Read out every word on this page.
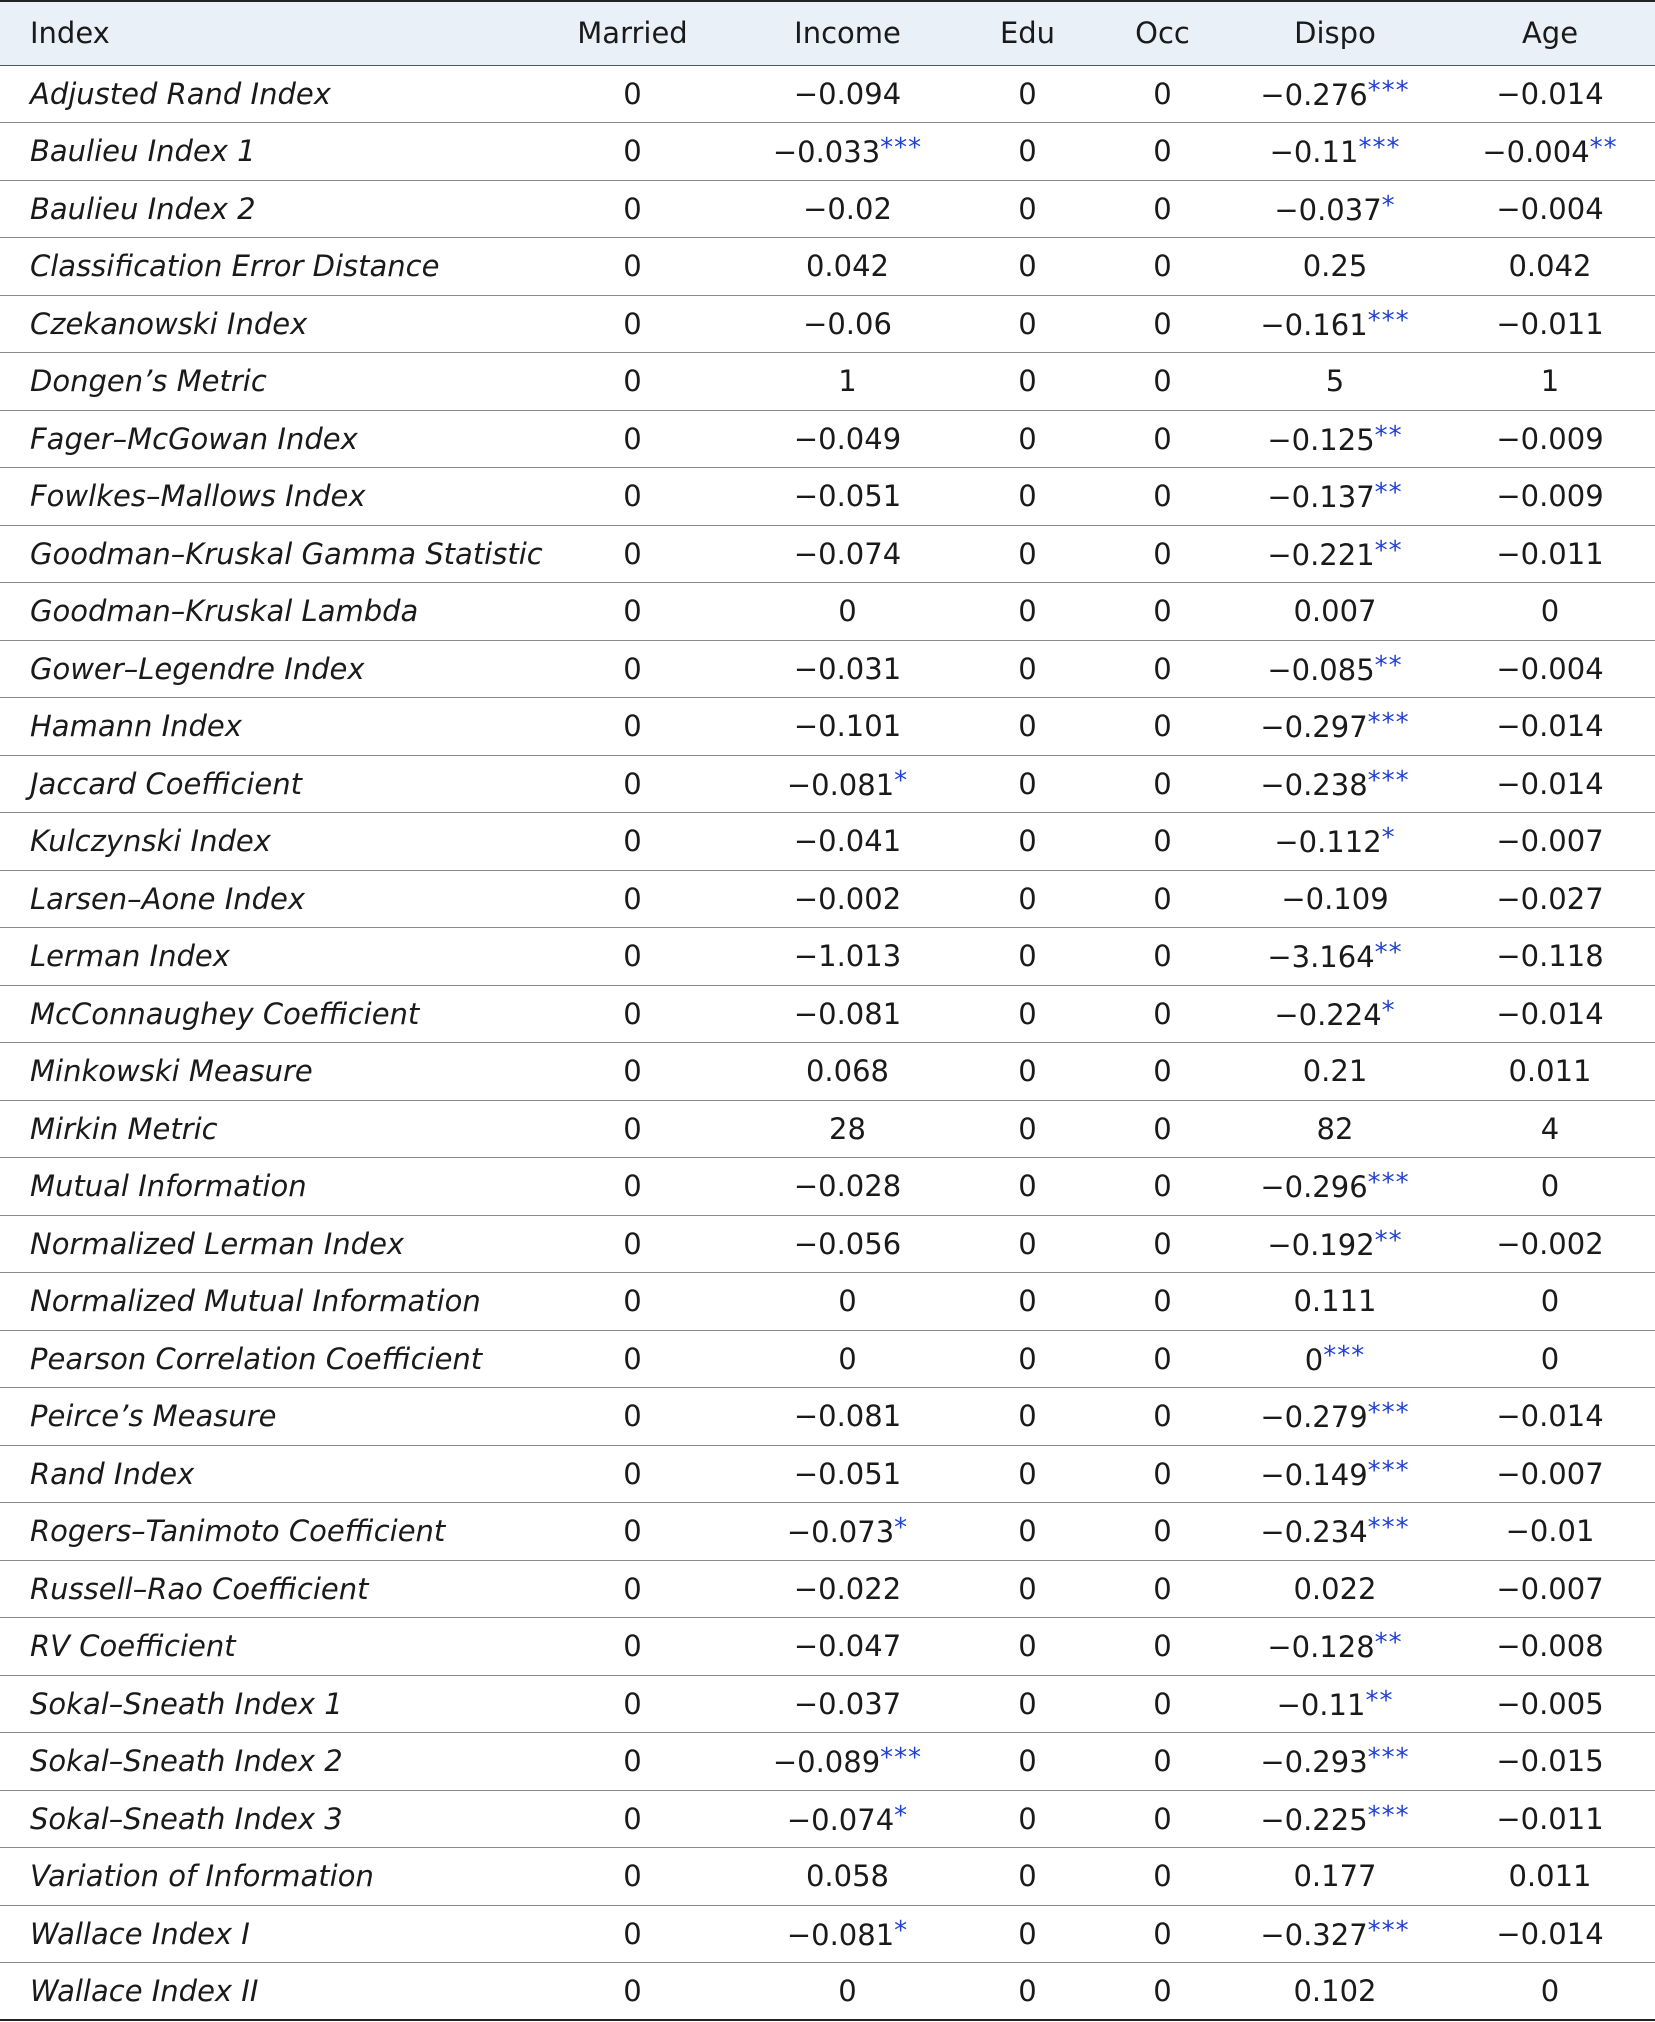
Index	Married	Income	Edu	Occ	Dispo	Age
Adjusted Rand Index	0	−0.094	0	0	−0.276***	−0.014
Baulieu Index 1	0	−0.033***	0	0	−0.11***	−0.004**
Baulieu Index 2	0	−0.02	0	0	−0.037*	−0.004
Classification Error Distance	0	0.042	0	0	0.25	0.042
Czekanowski Index	0	−0.06	0	0	−0.161***	−0.011
Dongen’s Metric	0	1	0	0	5	1
Fager–McGowan Index	0	−0.049	0	0	−0.125**	−0.009
Fowlkes–Mallows Index	0	−0.051	0	0	−0.137**	−0.009
Goodman–Kruskal Gamma Statistic	0	−0.074	0	0	−0.221**	−0.011
Goodman–Kruskal Lambda	0	0	0	0	0.007	0
Gower–Legendre Index	0	−0.031	0	0	−0.085**	−0.004
Hamann Index	0	−0.101	0	0	−0.297***	−0.014
Jaccard Coefficient	0	−0.081*	0	0	−0.238***	−0.014
Kulczynski Index	0	−0.041	0	0	−0.112*	−0.007
Larsen–Aone Index	0	−0.002	0	0	−0.109	−0.027
Lerman Index	0	−1.013	0	0	−3.164**	−0.118
McConnaughey Coefficient	0	−0.081	0	0	−0.224*	−0.014
Minkowski Measure	0	0.068	0	0	0.21	0.011
Mirkin Metric	0	28	0	0	82	4
Mutual Information	0	−0.028	0	0	−0.296***	0
Normalized Lerman Index	0	−0.056	0	0	−0.192**	−0.002
Normalized Mutual Information	0	0	0	0	0.111	0
Pearson Correlation Coefficient	0	0	0	0	0***	0
Peirce’s Measure	0	−0.081	0	0	−0.279***	−0.014
Rand Index	0	−0.051	0	0	−0.149***	−0.007
Rogers–Tanimoto Coefficient	0	−0.073*	0	0	−0.234***	−0.01
Russell–Rao Coefficient	0	−0.022	0	0	0.022	−0.007
RV Coefficient	0	−0.047	0	0	−0.128**	−0.008
Sokal–Sneath Index 1	0	−0.037	0	0	−0.11**	−0.005
Sokal–Sneath Index 2	0	−0.089***	0	0	−0.293***	−0.015
Sokal–Sneath Index 3	0	−0.074*	0	0	−0.225***	−0.011
Variation of Information	0	0.058	0	0	0.177	0.011
Wallace Index I	0	−0.081*	0	0	−0.327***	−0.014
Wallace Index II	0	0	0	0	0.102	0
